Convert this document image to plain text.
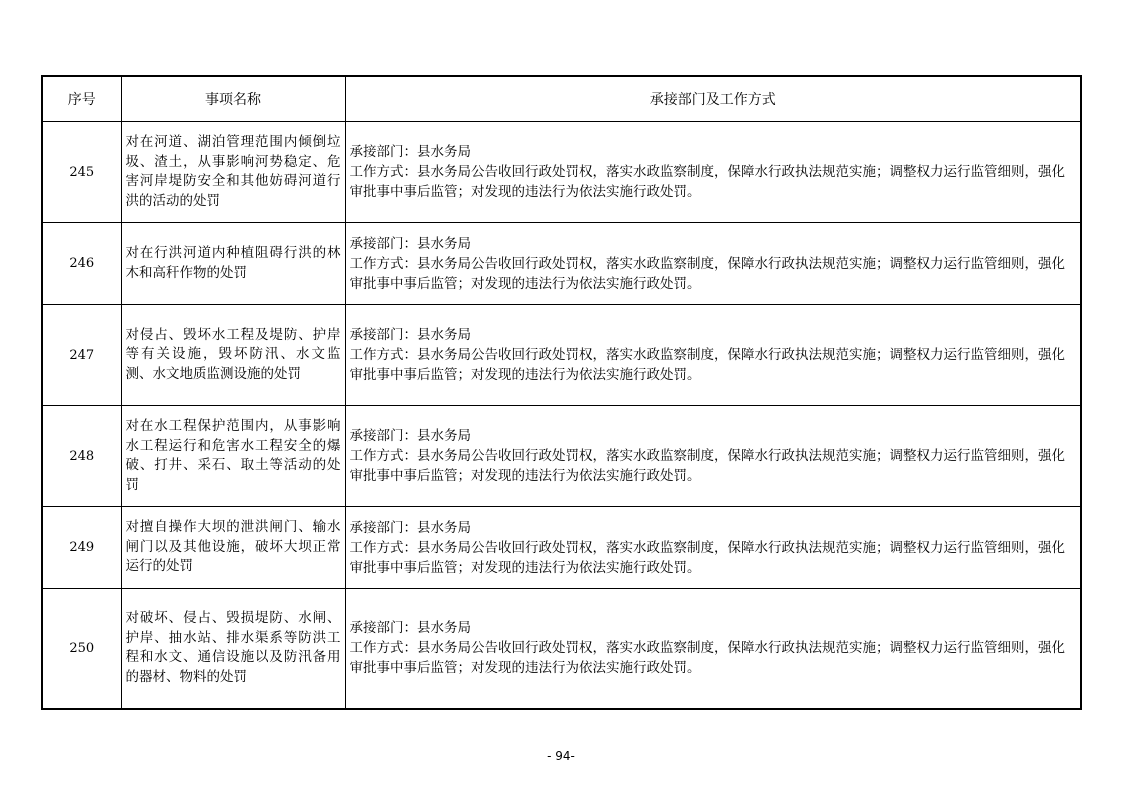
序号	事项名称	承接部门及工作方式
245	对在河道、湖泊管理范围内倾倒垃圾、渣土，从事影响河势稳定、危害河岸堤防安全和其他妨碍河道行洪的活动的处罚	承接部门：县水务局
工作方式：县水务局公告收回行政处罚权，落实水政监察制度，保障水行政执法规范实施；调整权力运行监管细则，强化审批事中事后监管；对发现的违法行为依法实施行政处罚。

246	对在行洪河道内种植阻碍行洪的林木和高秆作物的处罚	承接部门：县水务局
工作方式：县水务局公告收回行政处罚权，落实水政监察制度，保障水行政执法规范实施；调整权力运行监管细则，强化审批事中事后监管；对发现的违法行为依法实施行政处罚。

247	对侵占、毁坏水工程及堤防、护岸等有关设施，毁坏防汛、水文监测、水文地质监测设施的处罚	承接部门：县水务局
工作方式：县水务局公告收回行政处罚权，落实水政监察制度，保障水行政执法规范实施；调整权力运行监管细则，强化审批事中事后监管；对发现的违法行为依法实施行政处罚。

248	对在水工程保护范围内，从事影响水工程运行和危害水工程安全的爆破、打井、采石、取土等活动的处罚	承接部门：县水务局
工作方式：县水务局公告收回行政处罚权，落实水政监察制度，保障水行政执法规范实施；调整权力运行监管细则，强化审批事中事后监管；对发现的违法行为依法实施行政处罚。

249	对擅自操作大坝的泄洪闸门、输水闸门以及其他设施，破坏大坝正常运行的处罚	承接部门：县水务局
工作方式：县水务局公告收回行政处罚权，落实水政监察制度，保障水行政执法规范实施；调整权力运行监管细则，强化审批事中事后监管；对发现的违法行为依法实施行政处罚。

250	对破坏、侵占、毁损堤防、水闸、护岸、抽水站、排水渠系等防洪工程和水文、通信设施以及防汛备用的器材、物料的处罚	承接部门：县水务局
工作方式：县水务局公告收回行政处罚权，落实水政监察制度，保障水行政执法规范实施；调整权力运行监管细则，强化审批事中事后监管；对发现的违法行为依法实施行政处罚。
- 94-
